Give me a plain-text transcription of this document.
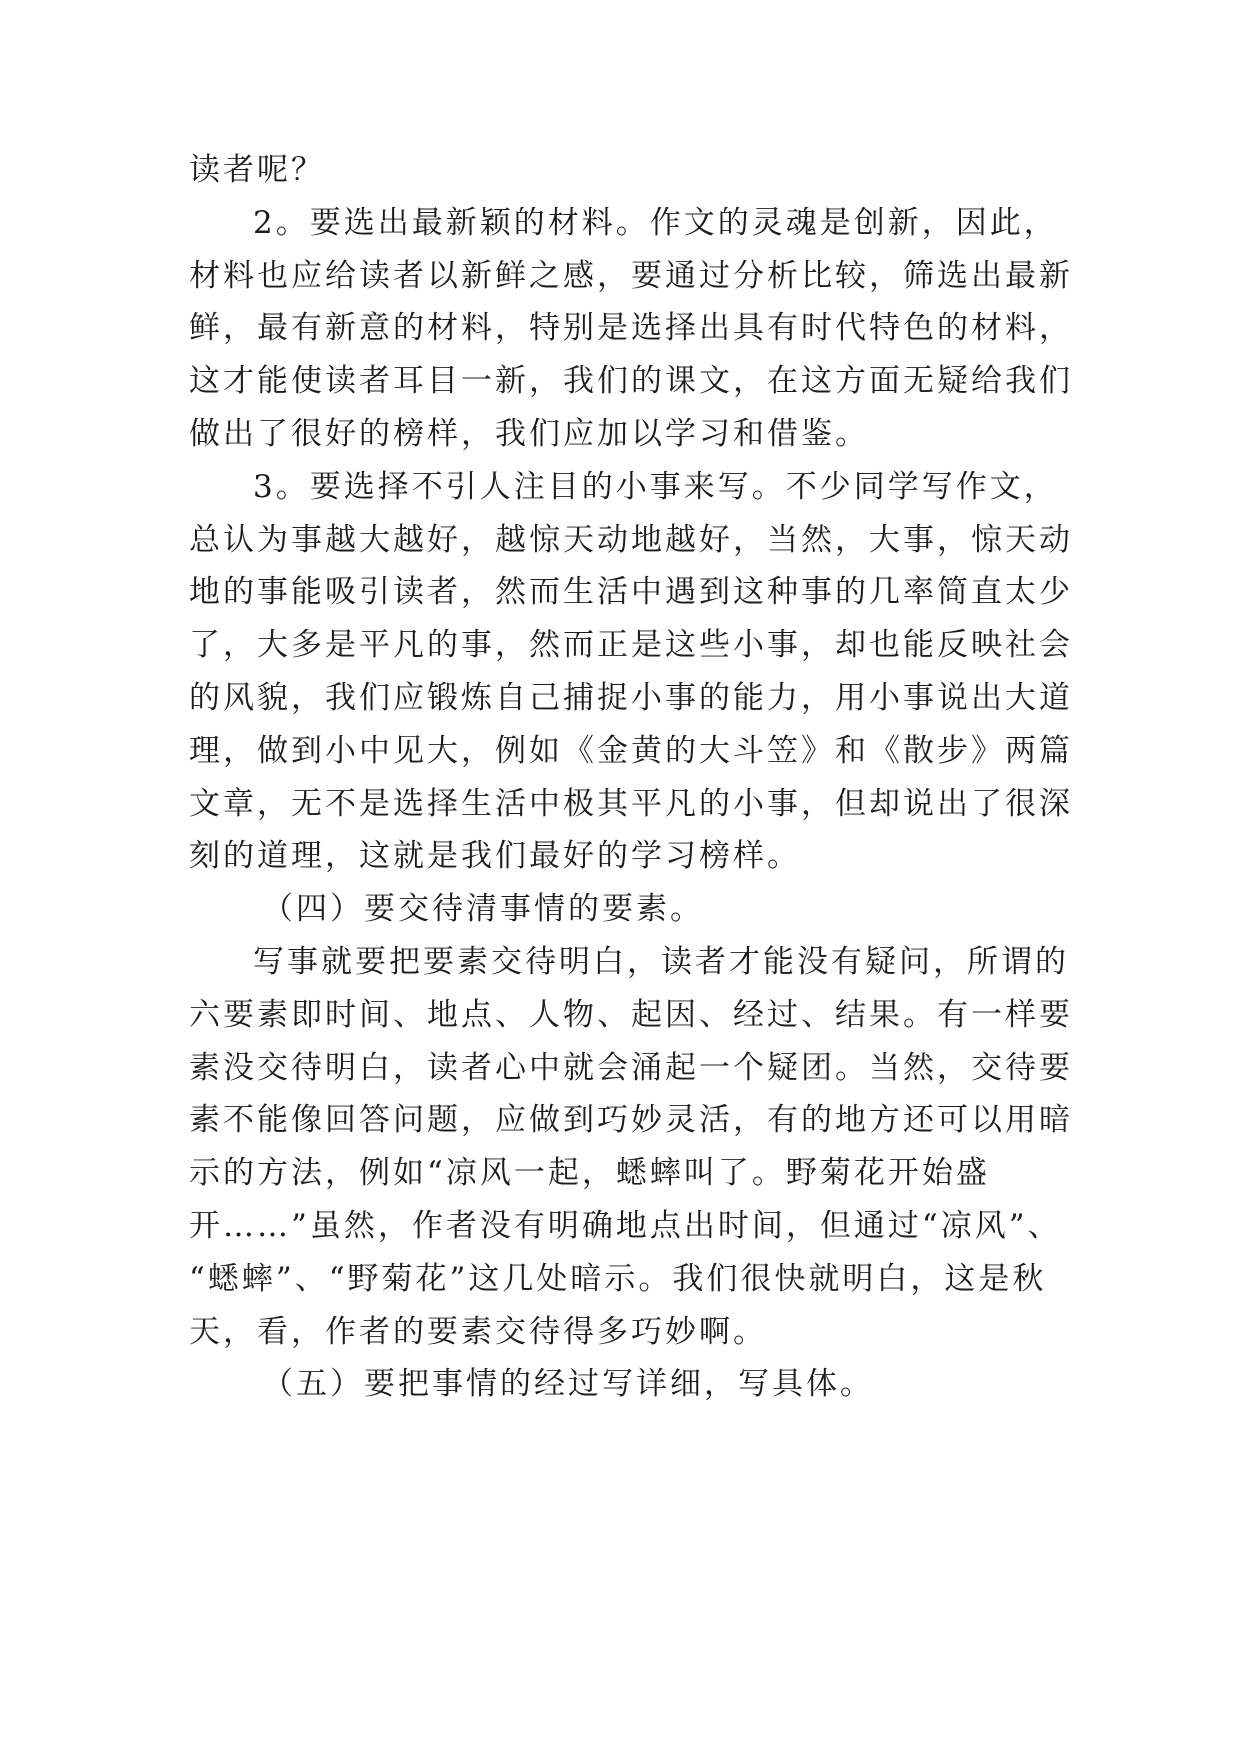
读者呢？
2。要选出最新颖的材料。作文的灵魂是创新，因此，
材料也应给读者以新鲜之感，要通过分析比较，筛选出最新
鲜，最有新意的材料，特别是选择出具有时代特色的材料，
这才能使读者耳目一新，我们的课文，在这方面无疑给我们
做出了很好的榜样，我们应加以学习和借鉴。
3。要选择不引人注目的小事来写。不少同学写作文，
总认为事越大越好，越惊天动地越好，当然，大事，惊天动
地的事能吸引读者，然而生活中遇到这种事的几率简直太少
了，大多是平凡的事，然而正是这些小事，却也能反映社会
的风貌，我们应锻炼自己捕捉小事的能力，用小事说出大道
理，做到小中见大，例如《金黄的大斗笠》和《散步》两篇
文章，无不是选择生活中极其平凡的小事，但却说出了很深
刻的道理，这就是我们最好的学习榜样。
（四）要交待清事情的要素。
写事就要把要素交待明白，读者才能没有疑问，所谓的
六要素即时间、地点、人物、起因、经过、结果。有一样要
素没交待明白，读者心中就会涌起一个疑团。当然，交待要
素不能像回答问题，应做到巧妙灵活，有的地方还可以用暗
示的方法，例如“凉风一起，蟋蟀叫了。野菊花开始盛
开……”虽然，作者没有明确地点出时间，但通过“凉风”、
“蟋蟀”、“野菊花”这几处暗示。我们很快就明白，这是秋
天，看，作者的要素交待得多巧妙啊。
（五）要把事情的经过写详细，写具体。
